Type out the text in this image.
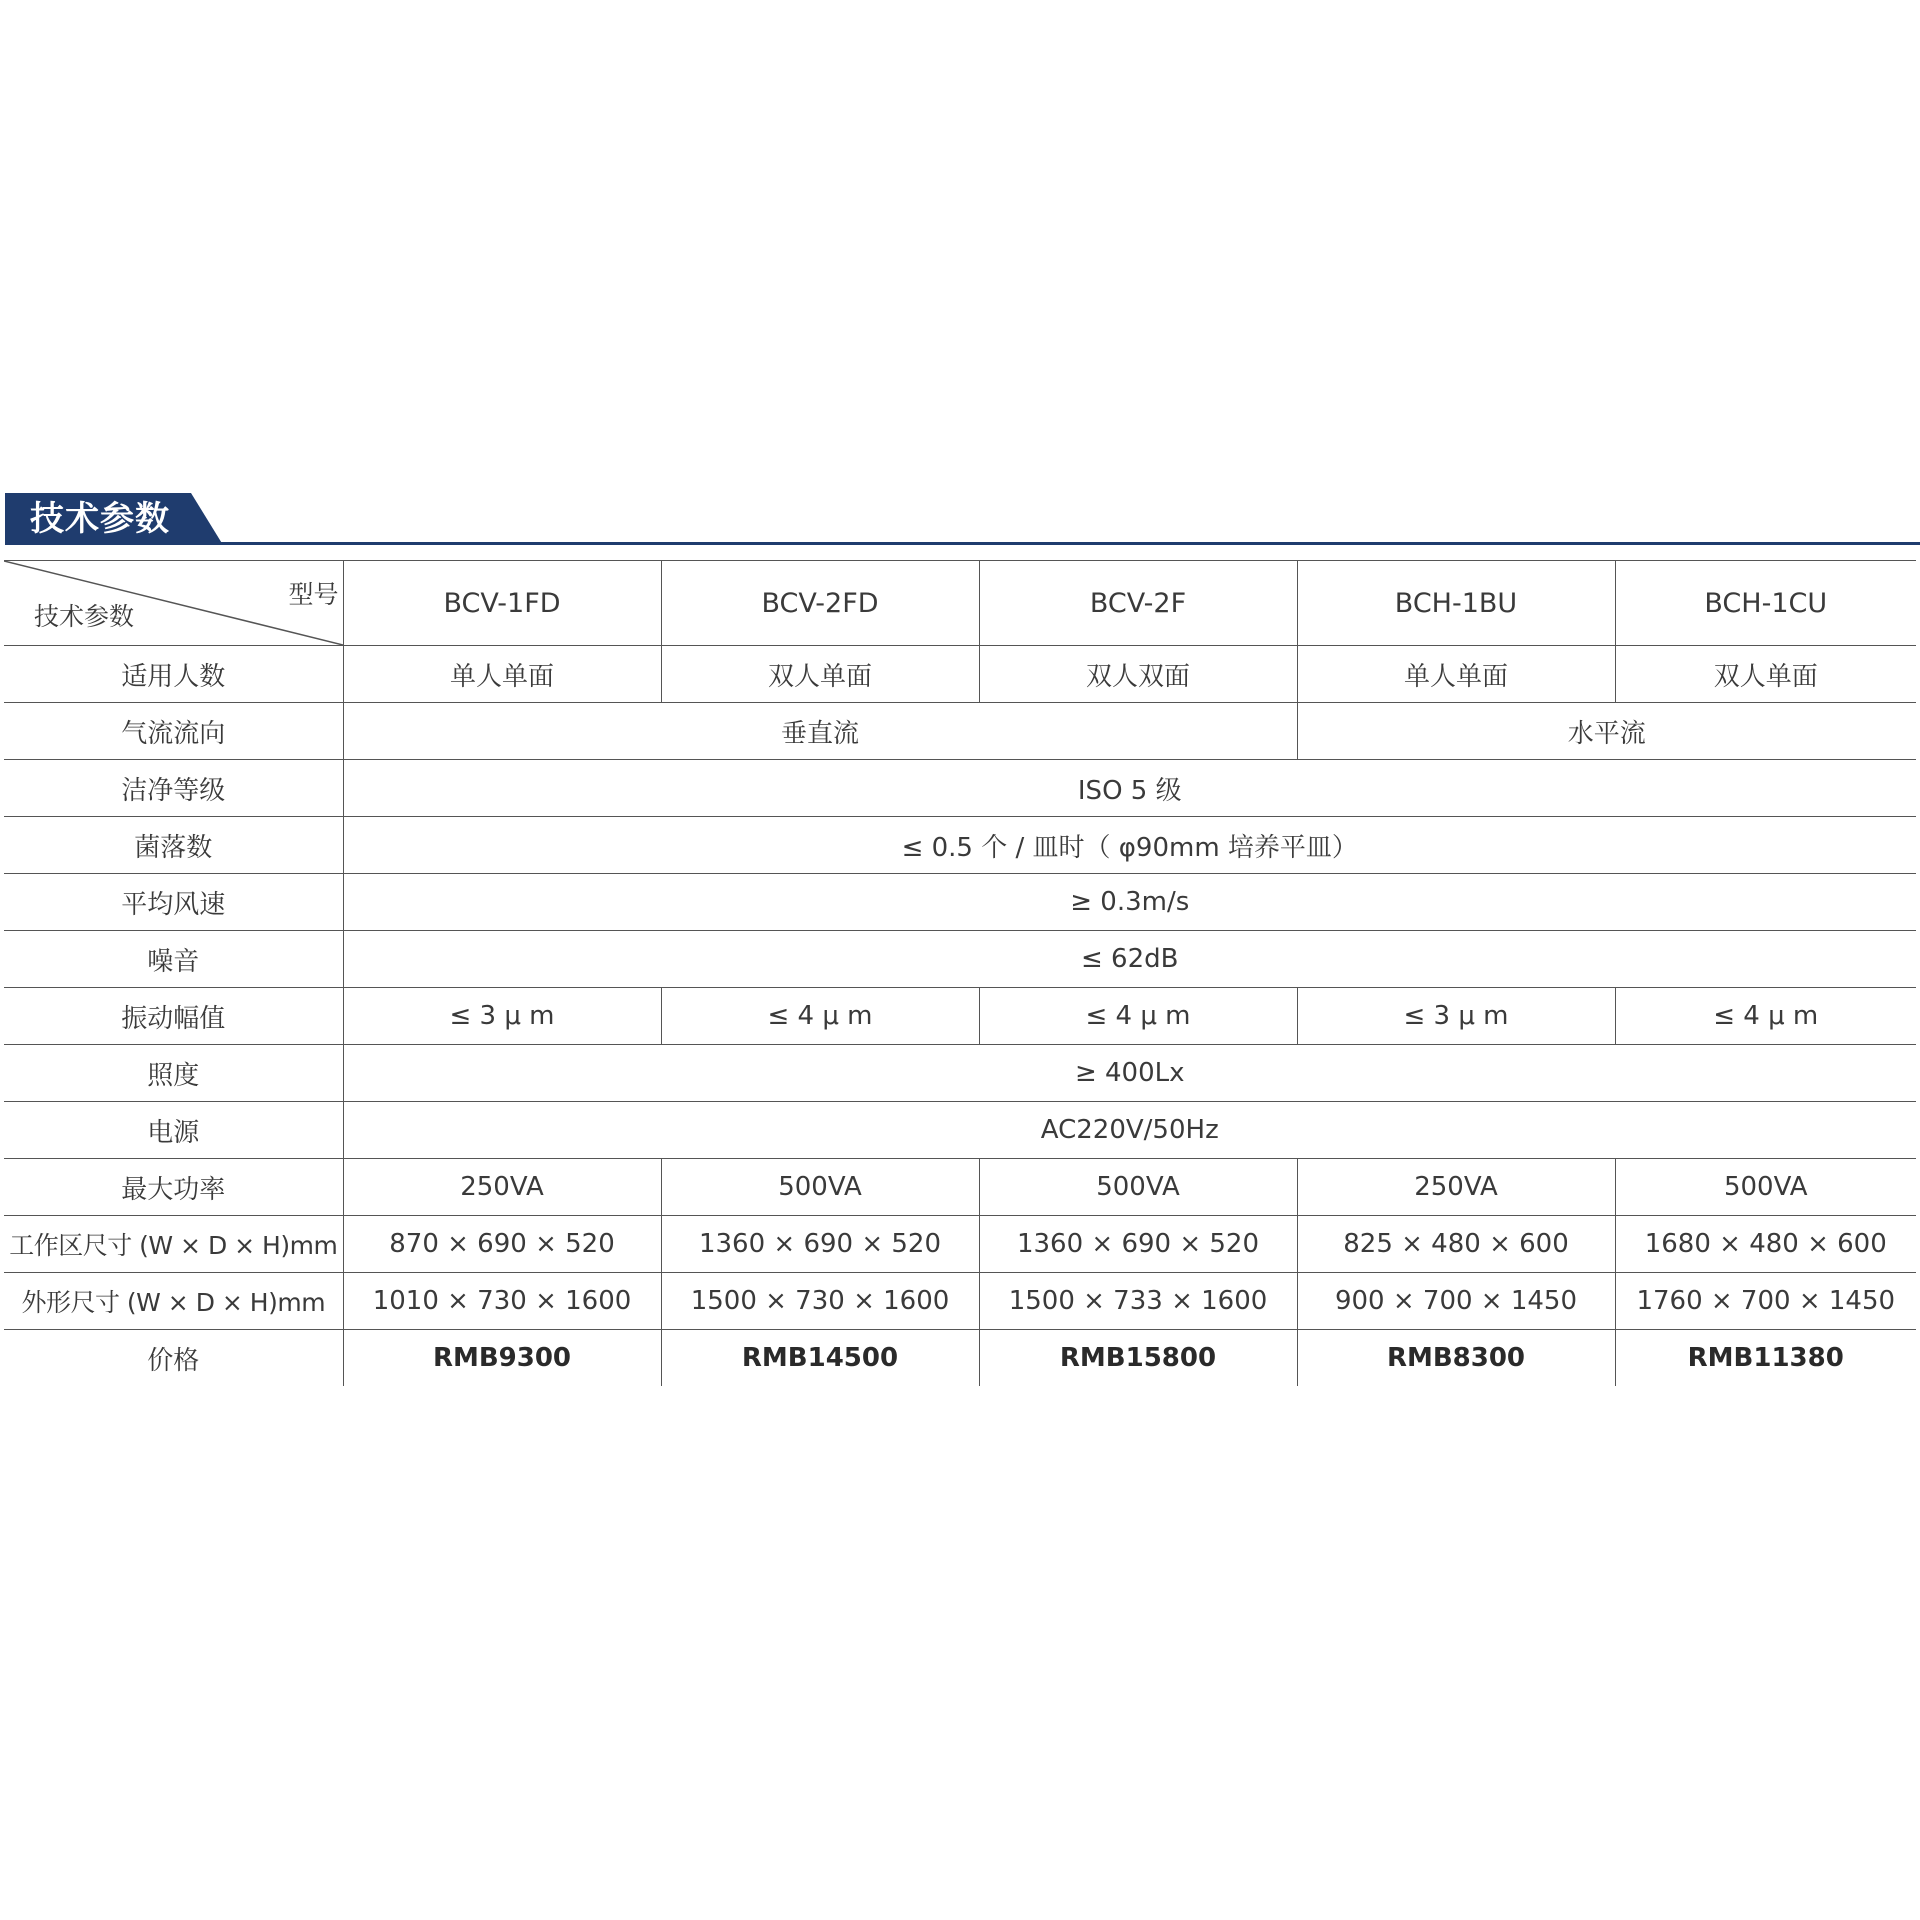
技术参数
型号
技术参数	BCV-1FD	BCV-2FD	BCV-2F	BCH-1BU	BCH-1CU
适用人数	单人单面	双人单面	双人双面	单人单面	双人单面
气流流向	垂直流			水平流	
洁净等级	ISO 5 级				
菌落数	≤ 0.5 个 / 皿时（ φ90mm 培养平皿）				
平均风速	≥ 0.3m/s				
噪音	≤ 62dB				
振动幅值	≤ 3 μ m	≤ 4 μ m	≤ 4 μ m	≤ 3 μ m	≤ 4 μ m
照度	≥ 400Lx				
电源	AC220V/50Hz				
最大功率	250VA	500VA	500VA	250VA	500VA
工作区尺寸 (W × D × H)mm	870 × 690 × 520	1360 × 690 × 520	1360 × 690 × 520	825 × 480 × 600	1680 × 480 × 600
外形尺寸 (W × D × H)mm	1010 × 730 × 1600	1500 × 730 × 1600	1500 × 733 × 1600	900 × 700 × 1450	1760 × 700 × 1450
价格	RMB9300	RMB14500	RMB15800	RMB8300	RMB11380
